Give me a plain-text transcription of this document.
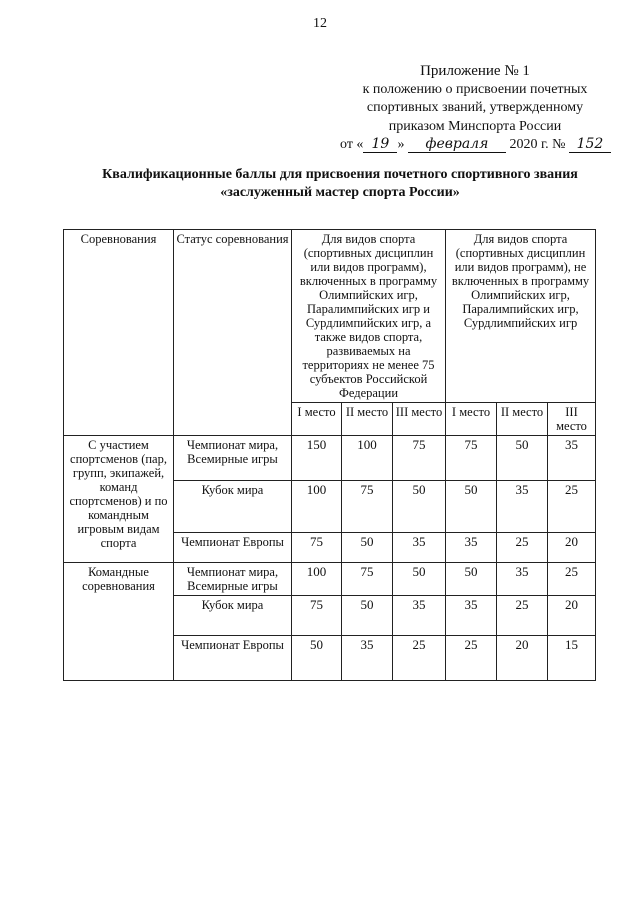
12
Приложение № 1
к положению о присвоении почетных
спортивных званий, утвержденному
приказом Минспорта России
от « 19 » февраля 2020 г. № 152
Квалификационные баллы для присвоения почетного спортивного звания
«заслуженный мастер спорта России»
Соревнования	Статус соревнования	Для видов спорта (спортивных дисциплин или видов программ), включенных в программу Олимпийских игр, Паралимпийских игр и Сурдлимпийских игр, а также видов спорта, развиваемых на территориях не менее 75 субъектов Российской Федерации			Для видов спорта (спортивных дисциплин или видов программ), не включенных в программу Олимпийских игр, Паралимпийских игр, Сурдлимпийских игр		
		I место	II место	III место	I место	II место	III место
С участием спортсменов (пар, групп, экипажей, команд спортсменов) и по командным игровым видам спорта	Чемпионат мира, Всемирные игры	150	100	75	75	50	35
	Кубок мира	100	75	50	50	35	25
	Чемпионат Европы	75	50	35	35	25	20
Командные соревнования	Чемпионат мира, Всемирные игры	100	75	50	50	35	25
	Кубок мира	75	50	35	35	25	20
	Чемпионат Европы	50	35	25	25	20	15
